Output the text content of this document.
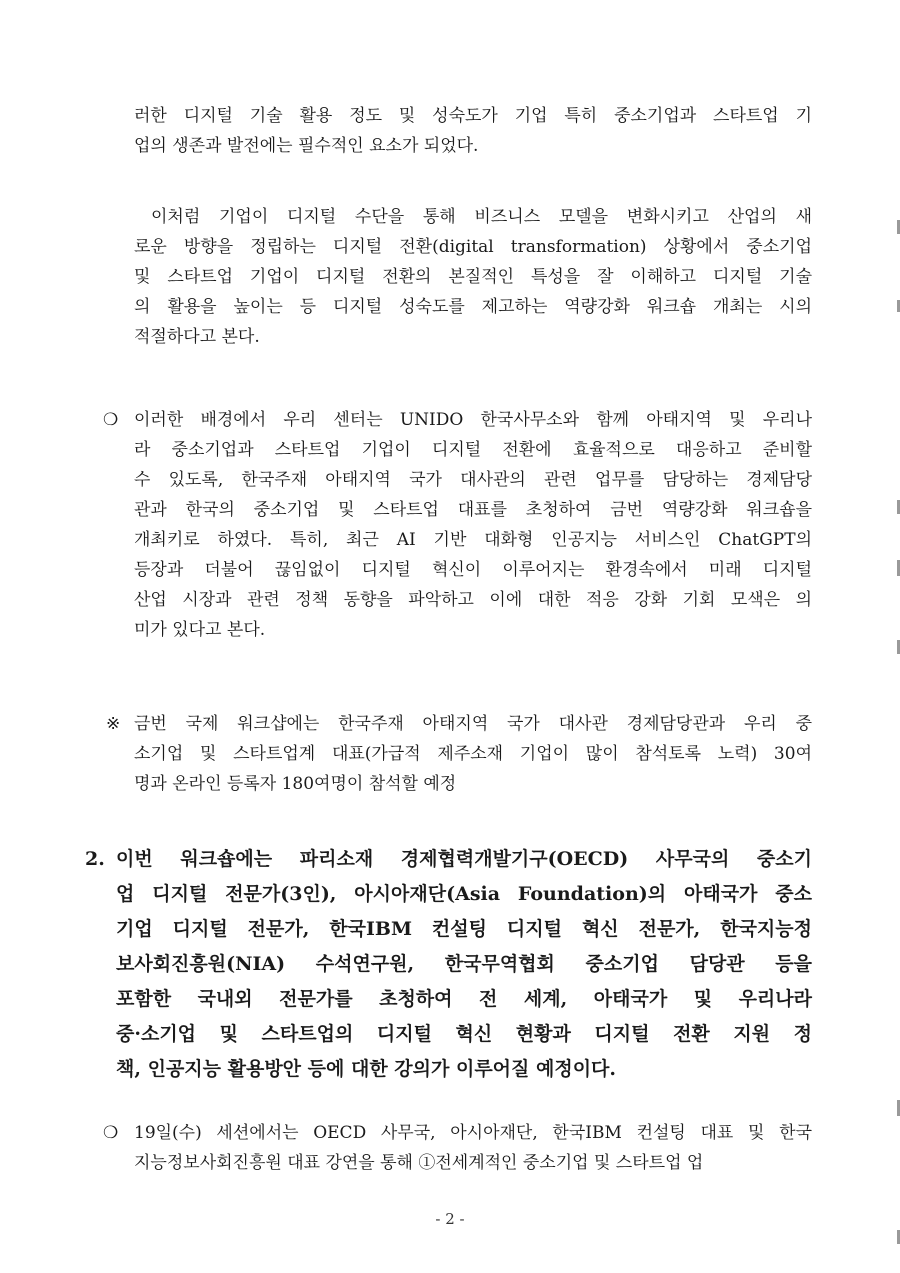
러한 디지털 기술 활용 정도 및 성숙도가 기업 특히 중소기업과 스타트업 기
업의 생존과 발전에는 필수적인 요소가 되었다.
이처럼 기업이 디지털 수단을 통해 비즈니스 모델을 변화시키고 산업의 새
로운 방향을 정립하는 디지털 전환(digital transformation) 상황에서 중소기업
및 스타트업 기업이 디지털 전환의 본질적인 특성을 잘 이해하고 디지털 기술
의 활용을 높이는 등 디지털 성숙도를 제고하는 역량강화 워크숍 개최는 시의
적절하다고 본다.
❍ 이러한 배경에서 우리 센터는 UNIDO 한국사무소와 함께 아태지역 및 우리나
라 중소기업과 스타트업 기업이 디지털 전환에 효율적으로 대응하고 준비할
수 있도록, 한국주재 아태지역 국가 대사관의 관련 업무를 담당하는 경제담당
관과 한국의 중소기업 및 스타트업 대표를 초청하여 금번 역량강화 워크숍을
개최키로 하였다. 특히, 최근 AI 기반 대화형 인공지능 서비스인 ChatGPT의
등장과 더불어 끊임없이 디지털 혁신이 이루어지는 환경속에서 미래 디지털
산업 시장과 관련 정책 동향을 파악하고 이에 대한 적응 강화 기회 모색은 의
미가 있다고 본다.
※ 금번 국제 워크샵에는 한국주재 아태지역 국가 대사관 경제담당관과 우리 중
소기업 및 스타트업계 대표(가급적 제주소재 기업이 많이 참석토록 노력) 30여
명과 온라인 등록자 180여명이 참석할 예정
2. 이번 워크숍에는 파리소재 경제협력개발기구(OECD) 사무국의 중소기
업 디지털 전문가(3인), 아시아재단(Asia Foundation)의 아태국가 중소
기업 디지털 전문가, 한국IBM 컨설팅 디지털 혁신 전문가, 한국지능정
보사회진흥원(NIA) 수석연구원, 한국무역협회 중소기업 담당관 등을
포함한 국내외 전문가를 초청하여 전 세계, 아태국가 및 우리나라
중·소기업 및 스타트업의 디지털 혁신 현황과 디지털 전환 지원 정
책, 인공지능 활용방안 등에 대한 강의가 이루어질 예정이다.
❍ 19일(수) 세션에서는 OECD 사무국, 아시아재단, 한국IBM 컨설팅 대표 및 한국
지능정보사회진흥원 대표 강연을 통해 ①전세계적인 중소기업 및 스타트업 업
- 2 -
